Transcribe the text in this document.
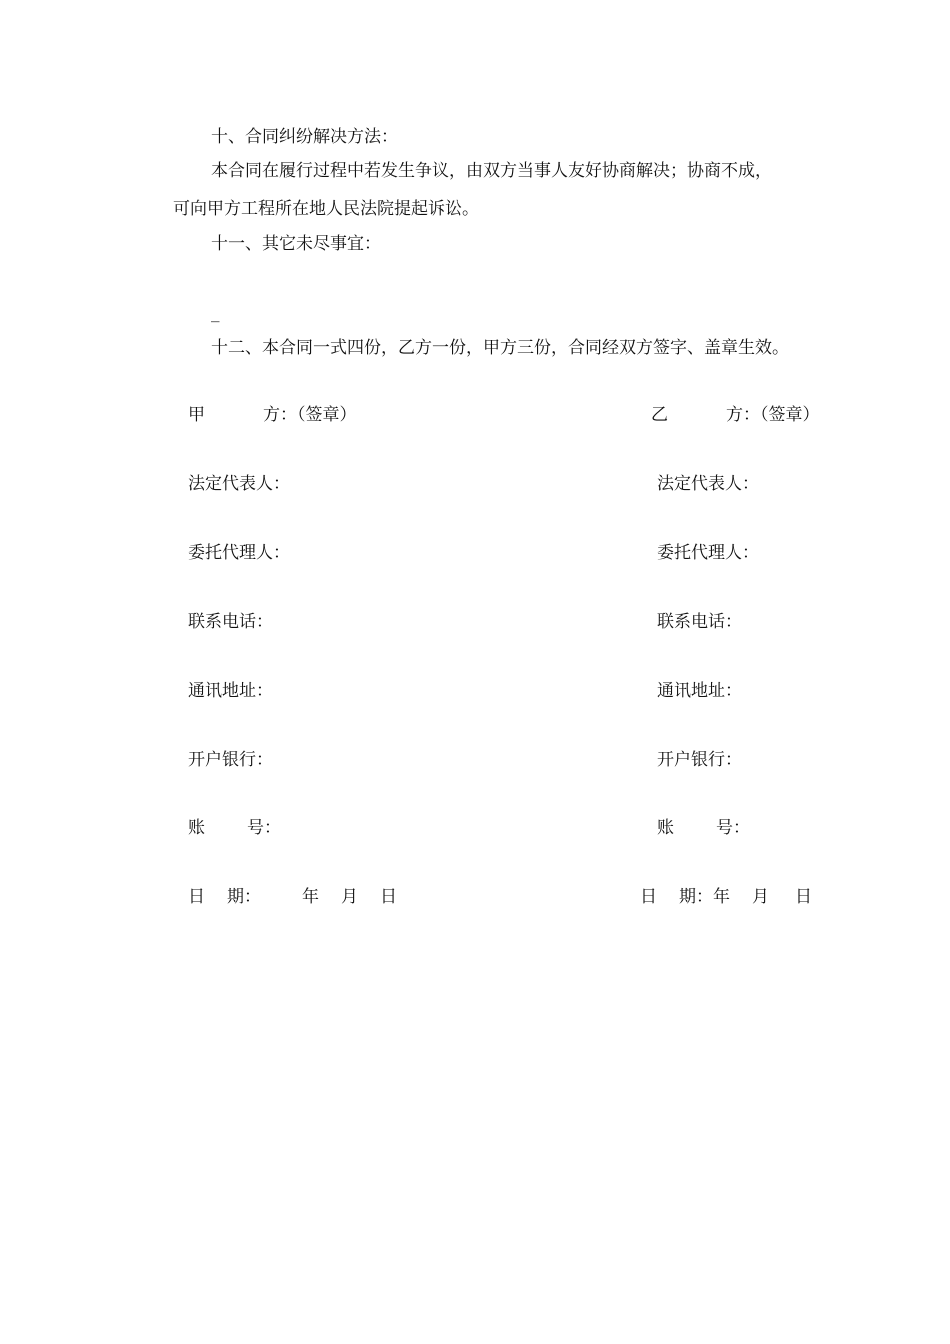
十、合同纠纷解决方法：
本合同在履行过程中若发生争议，由双方当事人友好协商解决；协商不成，
可向甲方工程所在地人民法院提起诉讼。
十一、其它未尽事宜：
_
十二、本合同一式四份，乙方一份，甲方三份，合同经双方签字、盖章生效。
甲	方：（签章）
法定代表人：
委托代理人：
联系电话：
通讯地址：
开户银行：
账 号：
日 期： 年 月 日
乙	方：（签章）
法定代表人：
委托代理人：
联系电话：
通讯地址：
开户银行：
账 号：
日 期：年 月 日
